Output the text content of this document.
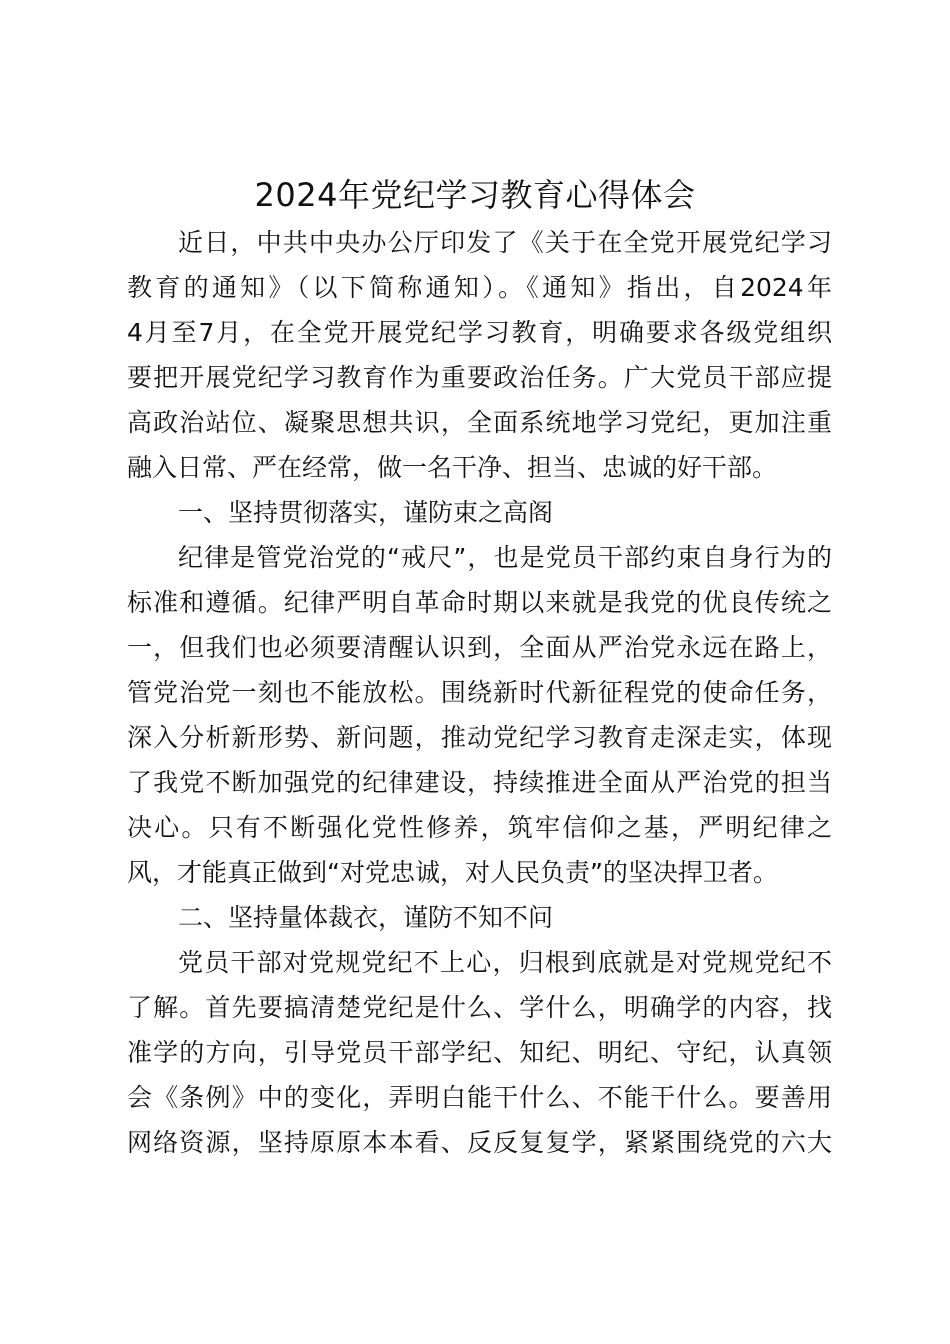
2024年党纪学习教育心得体会
近日，中共中央办公厅印发了《关于在全党开展党纪学习
教育的通知》（以下简称通知）。《通知》指出，自2024年
4月至7月，在全党开展党纪学习教育，明确要求各级党组织
要把开展党纪学习教育作为重要政治任务。广大党员干部应提
高政治站位、凝聚思想共识，全面系统地学习党纪，更加注重
融入日常、严在经常，做一名干净、担当、忠诚的好干部。
一、坚持贯彻落实，谨防束之高阁
纪律是管党治党的“戒尺”，也是党员干部约束自身行为的
标准和遵循。纪律严明自革命时期以来就是我党的优良传统之
一，但我们也必须要清醒认识到，全面从严治党永远在路上，
管党治党一刻也不能放松。围绕新时代新征程党的使命任务，
深入分析新形势、新问题，推动党纪学习教育走深走实，体现
了我党不断加强党的纪律建设，持续推进全面从严治党的担当
决心。只有不断强化党性修养，筑牢信仰之基，严明纪律之
风，才能真正做到“对党忠诚，对人民负责”的坚决捍卫者。
二、坚持量体裁衣，谨防不知不问
党员干部对党规党纪不上心，归根到底就是对党规党纪不
了解。首先要搞清楚党纪是什么、学什么，明确学的内容，找
准学的方向，引导党员干部学纪、知纪、明纪、守纪，认真领
会《条例》中的变化，弄明白能干什么、不能干什么。要善用
网络资源，坚持原原本本看、反反复复学，紧紧围绕党的六大
